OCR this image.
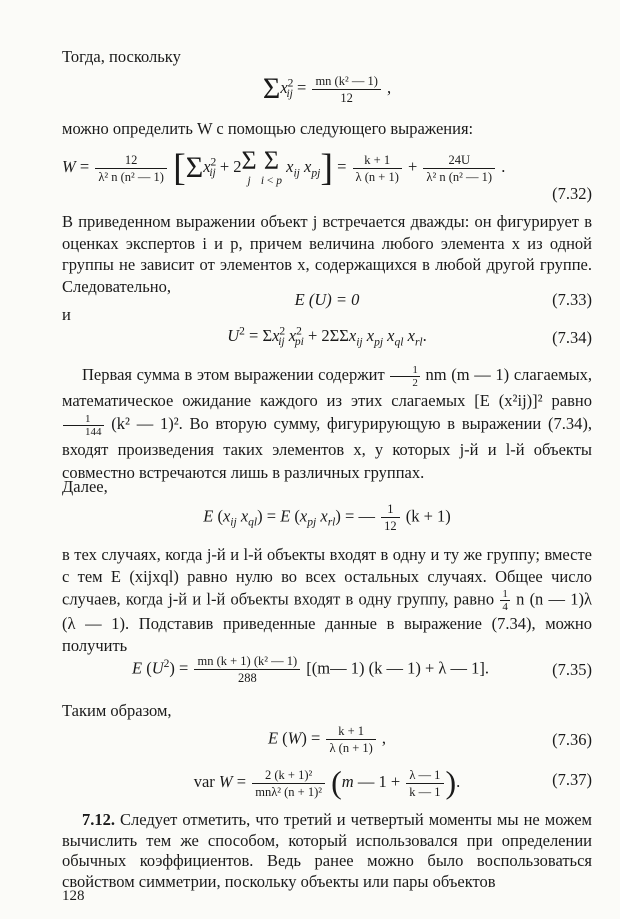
Тогда, поскольку
$\Sigma x^2_{ij} = \frac{\text{mn (k² — 1)}}{12}$ ,
можно определить W с помощью следующего выражения:
$W = \frac{12}{\text{λ² n (n² — 1)}} [\Sigma x^2_{ij} + 2$ Σ
j

Σ
i < p
$x_{ij}$ $x_{pj}] = \frac{k + 1}{\lambda (n + 1)} + \frac{24U}{\text{λ² n (n² — 1)}}$ .
(7.32)
В приведенном выражении объект j встречается дважды: он фигурирует в оценках экспертов i и p, причем величина любого элемента x из одной группы не зависит от элементов x, содержащихся в любой другой группе. Следовательно,
E (U) = 0	(7.33)
и
$U^2 = \Sigma x^2_{ij}$ $x^2_{pi} + 2\Sigma\Sigma x_{ij}$ $x_{pj}$ $x_{ql}$ $x_{rl}$.	(7.34)
Первая сумма в этом выражении содержит $\frac{1}{2}$ nm (m — 1) слагаемых, математическое ожидание каждого из этих слагаемых [E (x²ij)]² равно
$\frac{1}{144} (k^2$ — 1)². Во вторую сумму, фигурирующую в выражении (7.34), входят произведения таких элементов x, у которых j-й и l-й объекты совместно встречаются лишь в различных группах.
Далее,
E ($x_{ij}$ $x_{ql}) = E$ ($x_{pj}$ $x_{rl}$) = — $\frac{1}{12} (k + 1)$
в тех случаях, когда j-й и l-й объекты входят в одну и ту же группу; вместе с тем E (xijxql) равно нулю во всех остальных случаях. Общее число случаев, когда j-й и l-й объекты входят в одну группу, равно $\frac{1}{4}$ n (n — 1)λ (λ — 1). Подставив приведенные данные в выражение (7.34), можно получить
E $(U^2) = \frac{\text{mn (k + 1) (k² — 1)}}{288}$ [(m— 1) (k — 1) + λ — 1].	(7.35)
Таким образом,
E $(W) = \frac{k + 1}{\lambda (n + 1)}$ ,	(7.36)
var W =	2 (k + 1)²
mnλ² (n + 1)² (m — $1 + \frac{\lambda — 1}{k — 1}$ ).	(7.37)
7.12. Следует отметить, что третий и четвертый моменты мы не можем вычислить тем же способом, который использовался при определении обычных коэффициентов. Ведь ранее можно было воспользоваться свойством симметрии, поскольку объекты или пары объектов
128
